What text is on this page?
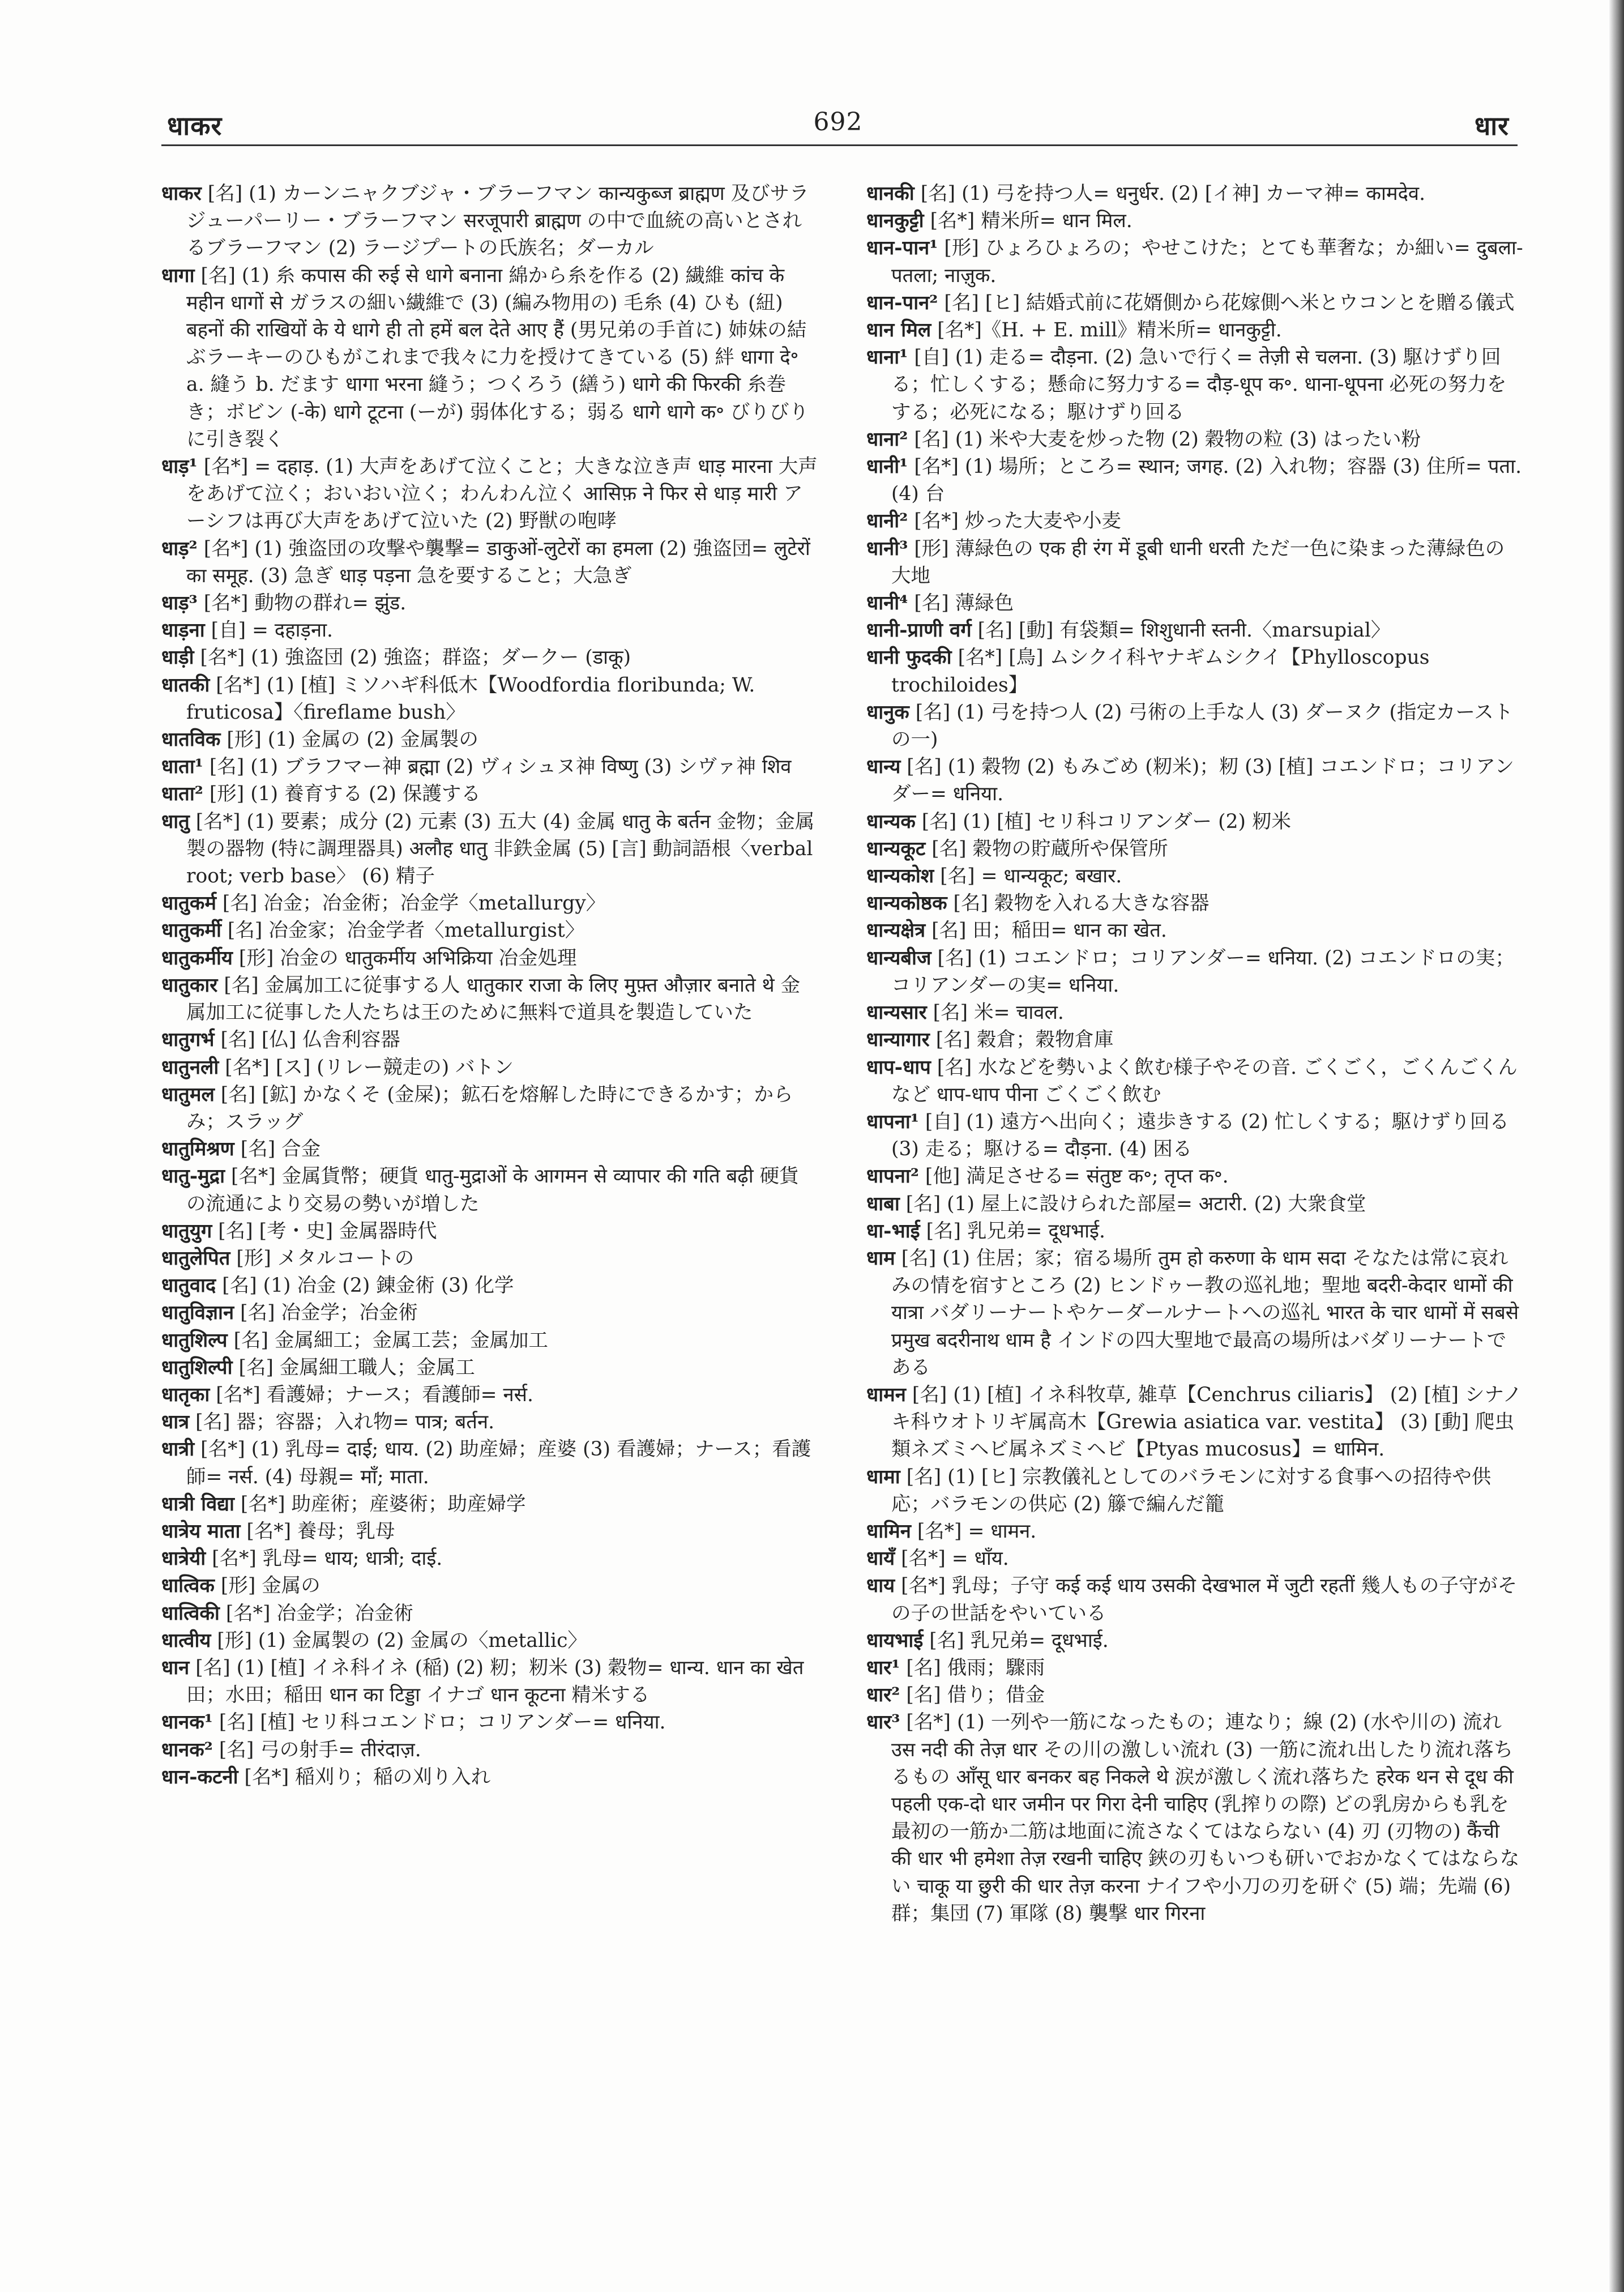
धाकर	692	धार
धाकर [名] (1) カーンニャクブジャ・ブラーフマン कान्यकुब्ज ब्राह्मण 及びサラジューパーリー・ブラーフマン सरजूपारी ब्राह्मण の中で血統の高いとされるブラーフマン (2) ラージプートの氏族名；ダーカル
धागा [名] (1) 糸 कपास की रुई से धागे बनाना 綿から糸を作る (2) 繊維 कांच के महीन धागों से ガラスの細い繊維で (3) (編み物用の) 毛糸 (4) ひも (紐) बहनों की राखियों के ये धागे ही तो हमें बल देते आए हैं (男兄弟の手首に) 姉妹の結ぶラーキーのひもがこれまで我々に力を授けてきている (5) 絆 धागा दे॰ a. 縫う b. だます धागा भरना 縫う；つくろう (繕う) धागे की फिरकी 糸巻き；ボビン (-के) धागे टूटना (ーが) 弱体化する；弱る धागे धागे क॰ びりびりに引き裂く
धाड़¹ [名*] = दहाड़. (1) 大声をあげて泣くこと；大きな泣き声 धाड़ मारना 大声をあげて泣く；おいおい泣く；わんわん泣く आसिफ़ ने फिर से धाड़ मारी アーシフは再び大声をあげて泣いた (2) 野獣の咆哮
धाड़² [名*] (1) 強盗団の攻撃や襲撃= डाकुओं-लुटेरों का हमला (2) 強盗団= लुटेरों का समूह. (3) 急ぎ धाड़ पड़ना 急を要すること；大急ぎ
धाड़³ [名*] 動物の群れ= झुंड.
धाड़ना [自] = दहाड़ना.
धाड़ी [名*] (1) 強盗団 (2) 強盗；群盗；ダークー (डाकू)
धातकी [名*] (1) [植] ミソハギ科低木【Woodfordia floribunda; W. fruticosa】〈fireflame bush〉
धातविक [形] (1) 金属の (2) 金属製の
धाता¹ [名] (1) ブラフマー神 ब्रह्मा (2) ヴィシュヌ神 विष्णु (3) シヴァ神 शिव
धाता² [形] (1) 養育する (2) 保護する
धातु [名*] (1) 要素；成分 (2) 元素 (3) 五大 (4) 金属 धातु के बर्तन 金物；金属製の器物 (特に調理器具) अलौह धातु 非鉄金属 (5) [言] 動詞語根〈verbal root; verb base〉 (6) 精子
धातुकर्म [名] 冶金；冶金術；冶金学〈metallurgy〉
धातुकर्मी [名] 冶金家；冶金学者〈metallurgist〉
धातुकर्मीय [形] 冶金の धातुकर्मीय अभिक्रिया 冶金処理
धातुकार [名] 金属加工に従事する人 धातुकार राजा के लिए मुफ़्त औज़ार बनाते थे 金属加工に従事した人たちは王のために無料で道具を製造していた
धातुगर्भ [名] [仏] 仏舎利容器
धातुनली [名*] [ス] (リレー競走の) バトン
धातुमल [名] [鉱] かなくそ (金屎)；鉱石を熔解した時にできるかす；からみ；スラッグ
धातुमिश्रण [名] 合金
धातु-मुद्रा [名*] 金属貨幣；硬貨 धातु-मुद्राओं के आगमन से व्यापार की गति बढ़ी 硬貨の流通により交易の勢いが増した
धातुयुग [名] [考・史] 金属器時代
धातुलेपित [形] メタルコートの
धातुवाद [名] (1) 冶金 (2) 錬金術 (3) 化学
धातुविज्ञान [名] 冶金学；冶金術
धातुशिल्प [名] 金属細工；金属工芸；金属加工
धातुशिल्पी [名] 金属細工職人；金属工
धातृका [名*] 看護婦；ナース；看護師= नर्स.
धात्र [名] 器；容器；入れ物= पात्र; बर्तन.
धात्री [名*] (1) 乳母= दाई; धाय. (2) 助産婦；産婆 (3) 看護婦；ナース；看護師= नर्स. (4) 母親= माँ; माता.
धात्री विद्या [名*] 助産術；産婆術；助産婦学
धात्रेय माता [名*] 養母；乳母
धात्रेयी [名*] 乳母= धाय; धात्री; दाई.
धात्विक [形] 金属の
धात्विकी [名*] 冶金学；冶金術
धात्वीय [形] (1) 金属製の (2) 金属の〈metallic〉
धान [名] (1) [植] イネ科イネ (稲) (2) 籾；籾米 (3) 穀物= धान्य. धान का खेत 田；水田；稲田 धान का टिड्डा イナゴ धान कूटना 精米する
धानक¹ [名] [植] セリ科コエンドロ；コリアンダー= धनिया.
धानक² [名] 弓の射手= तीरंदाज़.
धान-कटनी [名*] 稲刈り；稲の刈り入れ
धानकी [名] (1) 弓を持つ人= धनुर्धर. (2) [イ神] カーマ神= कामदेव.
धानकुट्टी [名*] 精米所= धान मिल.
धान-पान¹ [形] ひょろひょろの；やせこけた；とても華奢な；か細い= दुबला-पतला; नाज़ुक.
धान-पान² [名] [ヒ] 結婚式前に花婿側から花嫁側へ米とウコンとを贈る儀式
धान मिल [名*]《H. + E. mill》精米所= धानकुट्टी.
धाना¹ [自] (1) 走る= दौड़ना. (2) 急いで行く= तेज़ी से चलना. (3) 駆けずり回る；忙しくする；懸命に努力する= दौड़-धूप क॰. धाना-धूपना 必死の努力をする；必死になる；駆けずり回る
धाना² [名] (1) 米や大麦を炒った物 (2) 穀物の粒 (3) はったい粉
धानी¹ [名*] (1) 場所；ところ= स्थान; जगह. (2) 入れ物；容器 (3) 住所= पता. (4) 台
धानी² [名*] 炒った大麦や小麦
धानी³ [形] 薄緑色の एक ही रंग में डूबी धानी धरती ただ一色に染まった薄緑色の大地
धानी⁴ [名] 薄緑色
धानी-प्राणी वर्ग [名] [動] 有袋類= शिशुधानी स्तनी.〈marsupial〉
धानी फुदकी [名*] [鳥] ムシクイ科ヤナギムシクイ【Phylloscopus trochiloides】
धानुक [名] (1) 弓を持つ人 (2) 弓術の上手な人 (3) ダーヌク (指定カーストの一)
धान्य [名] (1) 穀物 (2) もみごめ (籾米)；籾 (3) [植] コエンドロ；コリアンダー= धनिया.
धान्यक [名] (1) [植] セリ科コリアンダー (2) 籾米
धान्यकूट [名] 穀物の貯蔵所や保管所
धान्यकोश [名] = धान्यकूट; बखार.
धान्यकोष्ठक [名] 穀物を入れる大きな容器
धान्यक्षेत्र [名] 田；稲田= धान का खेत.
धान्यबीज [名] (1) コエンドロ；コリアンダー= धनिया. (2) コエンドロの実；コリアンダーの実= धनिया.
धान्यसार [名] 米= चावल.
धान्यागार [名] 穀倉；穀物倉庫
धाप-धाप [名] 水などを勢いよく飲む様子やその音. ごくごく，ごくんごくんなど धाप-धाप पीना ごくごく飲む
धापना¹ [自] (1) 遠方へ出向く；遠歩きする (2) 忙しくする；駆けずり回る (3) 走る；駆ける= दौड़ना. (4) 困る
धापना² [他] 満足させる= संतुष्ट क॰; तृप्त क॰.
धाबा [名] (1) 屋上に設けられた部屋= अटारी. (2) 大衆食堂
धा-भाई [名] 乳兄弟= दूधभाई.
धाम [名] (1) 住居；家；宿る場所 तुम हो करुणा के धाम सदा そなたは常に哀れみの情を宿すところ (2) ヒンドゥー教の巡礼地；聖地 बदरी-केदार धामों की यात्रा バダリーナートやケーダールナートへの巡礼 भारत के चार धामों में सबसे प्रमुख बदरीनाथ धाम है インドの四大聖地で最高の場所はバダリーナートである
धामन [名] (1) [植] イネ科牧草, 雑草【Cenchrus ciliaris】 (2) [植] シナノキ科ウオトリギ属高木【Grewia asiatica var. vestita】 (3) [動] 爬虫類ネズミヘビ属ネズミヘビ【Ptyas mucosus】= धामिन.
धामा [名] (1) [ヒ] 宗教儀礼としてのバラモンに対する食事への招待や供応；バラモンの供応 (2) 籐で編んだ籠
धामिन [名*] = धामन.
धायँ [名*] = धाँय.
धाय [名*] 乳母；子守 कई कई धाय उसकी देखभाल में जुटी रहतीं 幾人もの子守がその子の世話をやいている
धायभाई [名] 乳兄弟= दूधभाई.
धार¹ [名] 俄雨；驟雨
धार² [名] 借り；借金
धार³ [名*] (1) 一列や一筋になったもの；連なり；線 (2) (水や川の) 流れ उस नदी की तेज़ धार その川の激しい流れ (3) 一筋に流れ出したり流れ落ちるもの आँसू धार बनकर बह निकले थे 涙が激しく流れ落ちた हरेक थन से दूध की पहली एक-दो धार जमीन पर गिरा देनी चाहिए (乳搾りの際) どの乳房からも乳を最初の一筋か二筋は地面に流さなくてはならない (4) 刃 (刃物の) कैंची की धार भी हमेशा तेज़ रखनी चाहिए 鋏の刃もいつも研いでおかなくてはならない चाकू या छुरी की धार तेज़ करना ナイフや小刀の刃を研ぐ (5) 端；先端 (6) 群；集団 (7) 軍隊 (8) 襲撃 धार गिरना
